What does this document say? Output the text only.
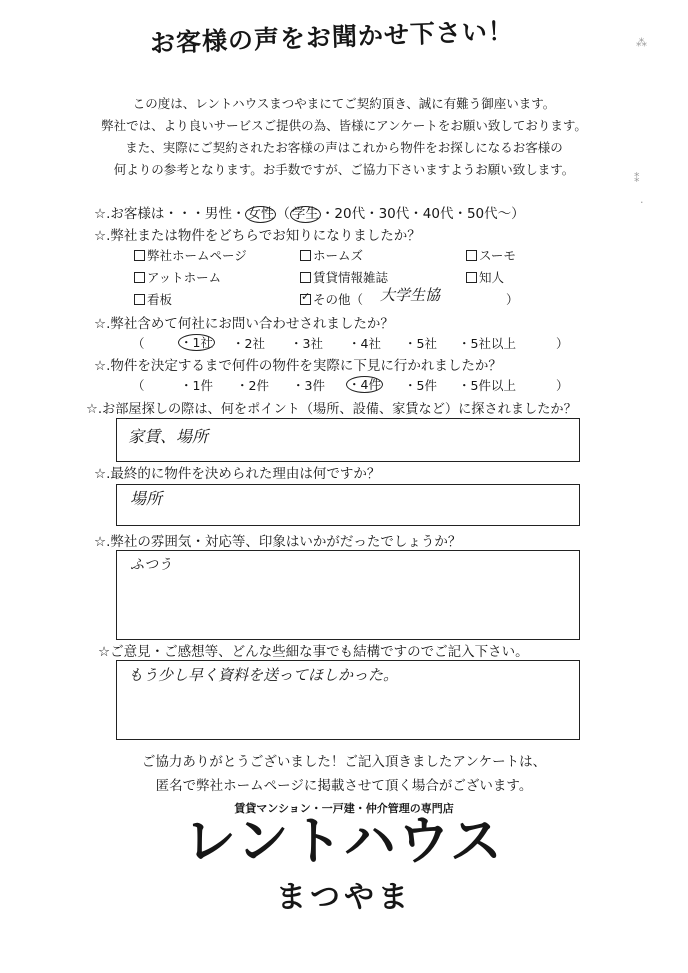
お客様の声をお聞かせ下さい！
この度は、レントハウスまつやまにてご契約頂き、誠に有難う御座います。
弊社では、より良いサービスご提供の為、皆様にアンケートをお願い致しております。
また、実際にご契約されたお客様の声はこれから物件をお探しになるお客様の
何よりの参考となります。お手数ですが、ご協力下さいますようお願い致します。
☆.お客様は・・・男性・ 女性 （ 学生 ・20代・30代・40代・50代～）
☆.弊社または物件をどちらでお知りになりましたか？
弊社ホームページ	ホームズ	スーモ
アットホーム	賃貸情報雑誌	知人
看板
✓	その他（ 大学生協	）
☆.弊社含めて何社にお問い合わせされましたか？
（	・1社 ・2社 ・3社 ・4社 ・5社 ・5社以上	）
☆.物件を決定するまで何件の物件を実際に下見に行かれましたか？
（	・1件 ・2件 ・3件 ・4件 ・5件 ・5件以上	）
☆.お部屋探しの際は、何をポイント（場所、設備、家賃など）に探されましたか？
家賃、場所
☆.最終的に物件を決められた理由は何ですか？
場所
☆.弊社の雰囲気・対応等、印象はいかがだったでしょうか？
ふつう
☆ご意見・ご感想等、どんな些細な事でも結構ですのでご記入下さい。
もう少し早く資料を送ってほしかった。
ご協力ありがとうございました！ご記入頂きましたアンケートは、
匿名で弊社ホームページに掲載させて頂く場合がございます。
賃貸マンション・一戸建・仲介管理の専門店
レントハウス
まつやま
⁂
⁑
·
